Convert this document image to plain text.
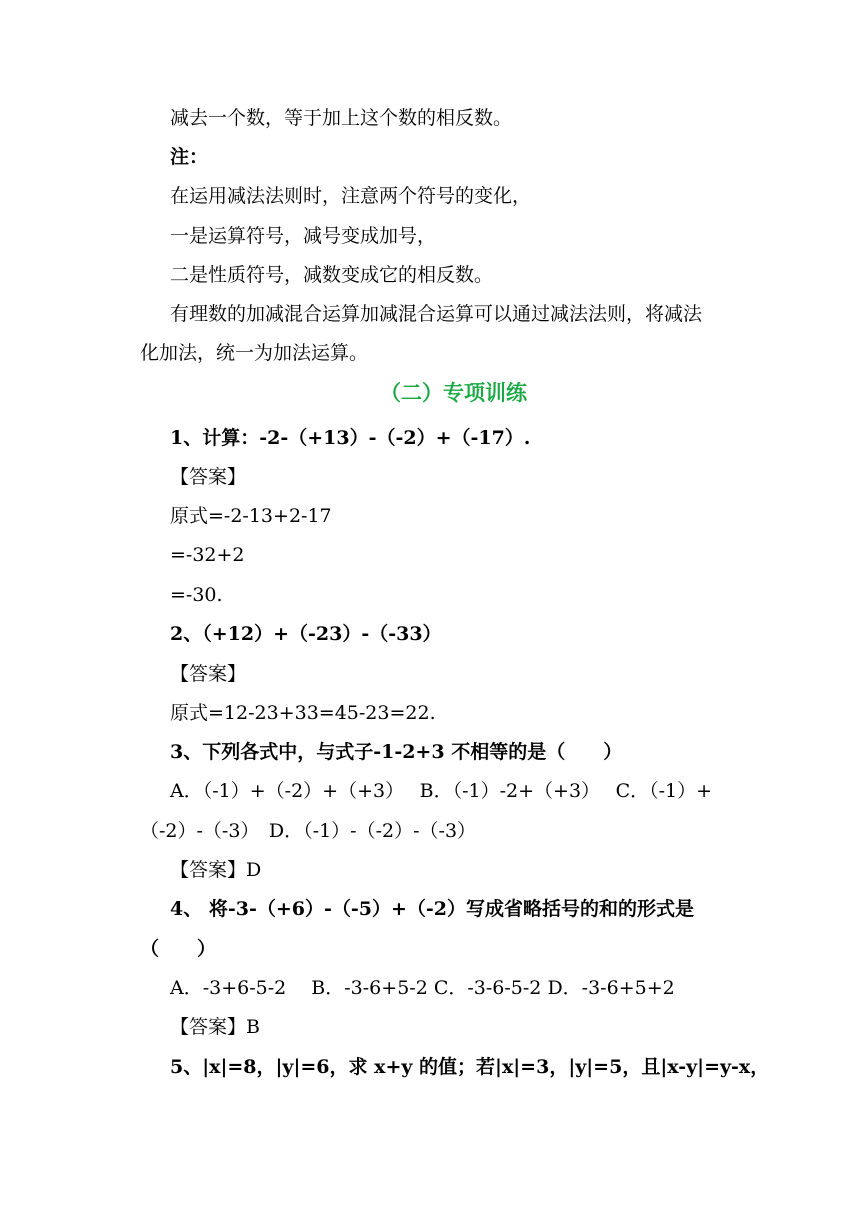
减去一个数，等于加上这个数的相反数。

注：

在运用减法法则时，注意两个符号的变化，

一是运算符号，减号变成加号，

二是性质符号，减数变成它的相反数。

有理数的加减混合运算加减混合运算可以通过减法法则，将减法

化加法，统一为加法运算。

（二）专项训练

1、计算：-2-（+13）-（-2）+（-17）.

【答案】

原式=-2-13+2-17

=-32+2

=-30.

2、（+12）+（-23）-（-33）

【答案】

原式=12-23+33=45-23=22.

3、下列各式中，与式子-1-2+3 不相等的是（　　）

A．（-1）+（-2）+（+3）　 B．（-1）-2+（+3）　 C．（-1）+

（-2）-（-3）　D．（-1）-（-2）-（-3）

【答案】D

4、 将-3-（+6）-（-5）+（-2）写成省略括号的和的形式是

（　　）

A．-3+6-5-2　 B．-3-6+5-2 C．-3-6-5-2 D．-3-6+5+2

【答案】B

5、|x|=8，|y|=6，求 x+y 的值；若|x|=3，|y|=5，且|x-y|=y-x，
